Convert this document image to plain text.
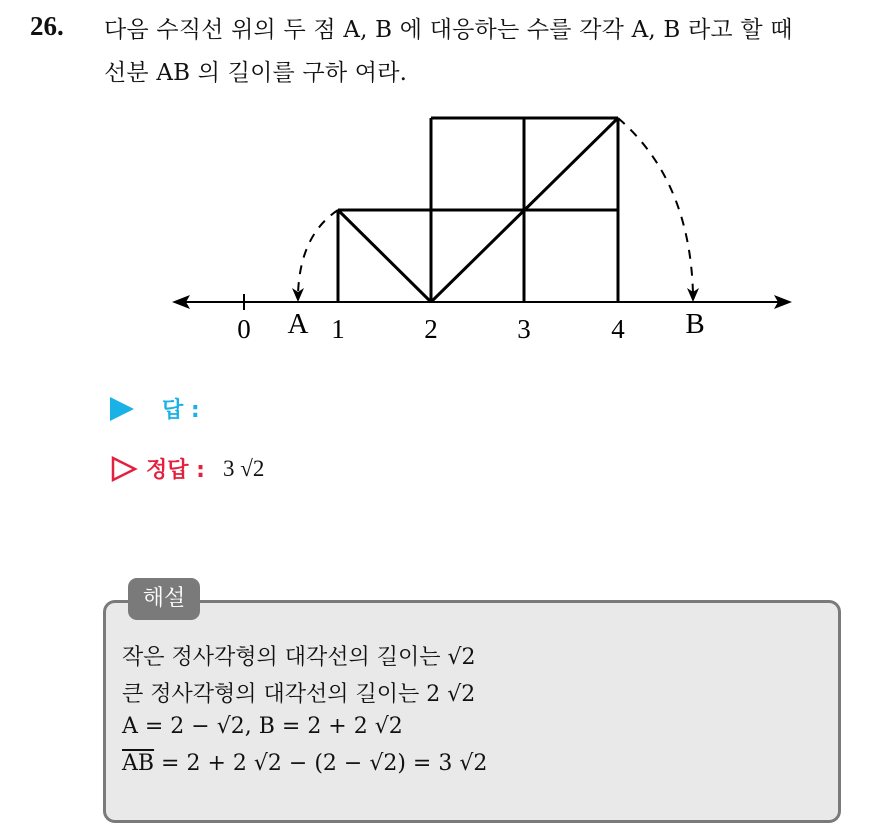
26. 다음 수직선 위의 두 점 A, B 에 대응하는 수를 각각 A, B 라고 할 때
선분 AB 의 길이를 구하 여라.
0	1	2	3	4
A	B
답 :
정답 : 3 √2
해설
작은 정사각형의 대각선의 길이는 √2
큰 정사각형의 대각선의 길이는 2 √2
A = 2 − √2, B = 2 + 2 √2
$\overline{AB} = 2 + 2$ √2 − (2 − √2) = 3 √2
